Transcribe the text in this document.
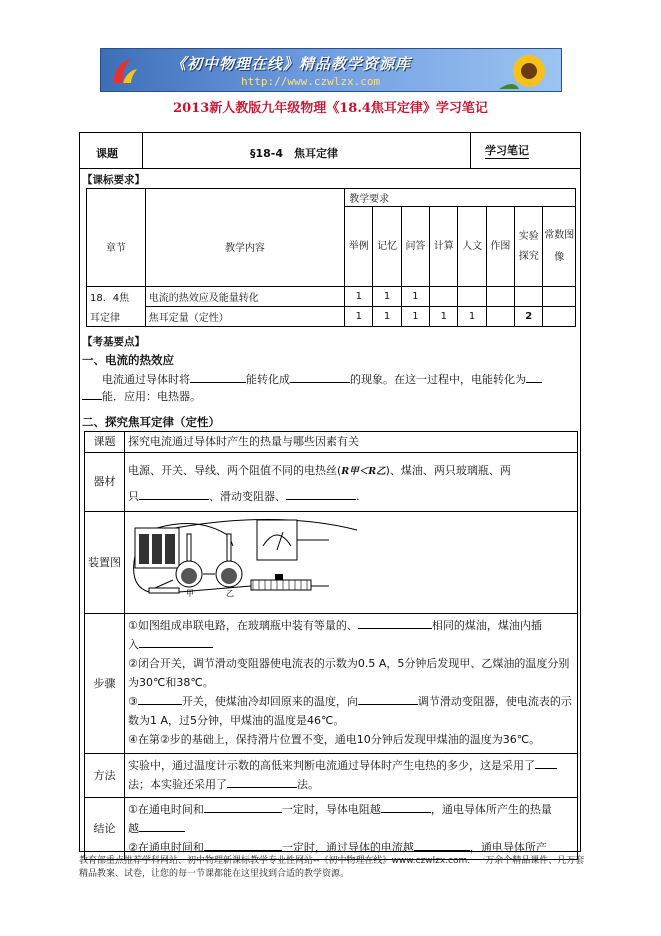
《初中物理在线》精品教学资源库
http://www.czwlzx.com
2013新人教版九年级物理《18.4焦耳定律》学习笔记
课题	§18-4　焦耳定律	学习笔记
【课标要求】
		教学要求							
章节	教学内容	举例	记忆	问答	计算	人文	作图	实验探究	常数图像
18．4焦	电流的热效应及能量转化	1	1	1					
耳定律	焦耳定量（定性）	1	1	1	1	1		2	
【考基要点】
一、电流的热效应
电流通过导体时将	能转化成	的现象。在这一过程中，电能转化为
能．应用：电热器。
二、探究焦耳定律（定性）
课题	探究电流通过导体时产生的热量与哪些因素有关
器材	电源、开关、导线、两个阻值不同的电热丝(R甲＜R乙)、煤油、两只玻璃瓶、两
只 、滑动变阻器、 .
装置图	甲 乙

步骤	①如图组成串联电路，在玻璃瓶中装有等量的、 相同的煤油，煤油内插
入
②闭合开关，调节滑动变阻器使电流表的示数为0.5 A，5分钟后发现甲、乙煤油的温度分别为30℃和38℃。
③ 开关，使煤油冷却回原来的温度，向 调节滑动变阻器，使电流表的示数为1 A，过5分钟，甲煤油的温度是46℃。
④在第②步的基础上，保持滑片位置不变，通电10分钟后发现甲煤油的温度为36℃。
方法	实验中，通过温度计示数的高低来判断电流通过导体时产生电热的多少，这是采用了
法；本实验还采用了 法。
结论	①在通电时间和 一定时，导体电阻越 ，通电导体所产生的热量
越
②在通电时间和 一定时，通过导体的电流越 ，通电导体所产
教育部重点推荐学科网站、初中物理新课标教学专业性网站--《初中物理在线》www.czwlzx.com．一万余个精品课件、几万套精品教案、试卷，让您的每一节课都能在这里找到合适的教学资源。
